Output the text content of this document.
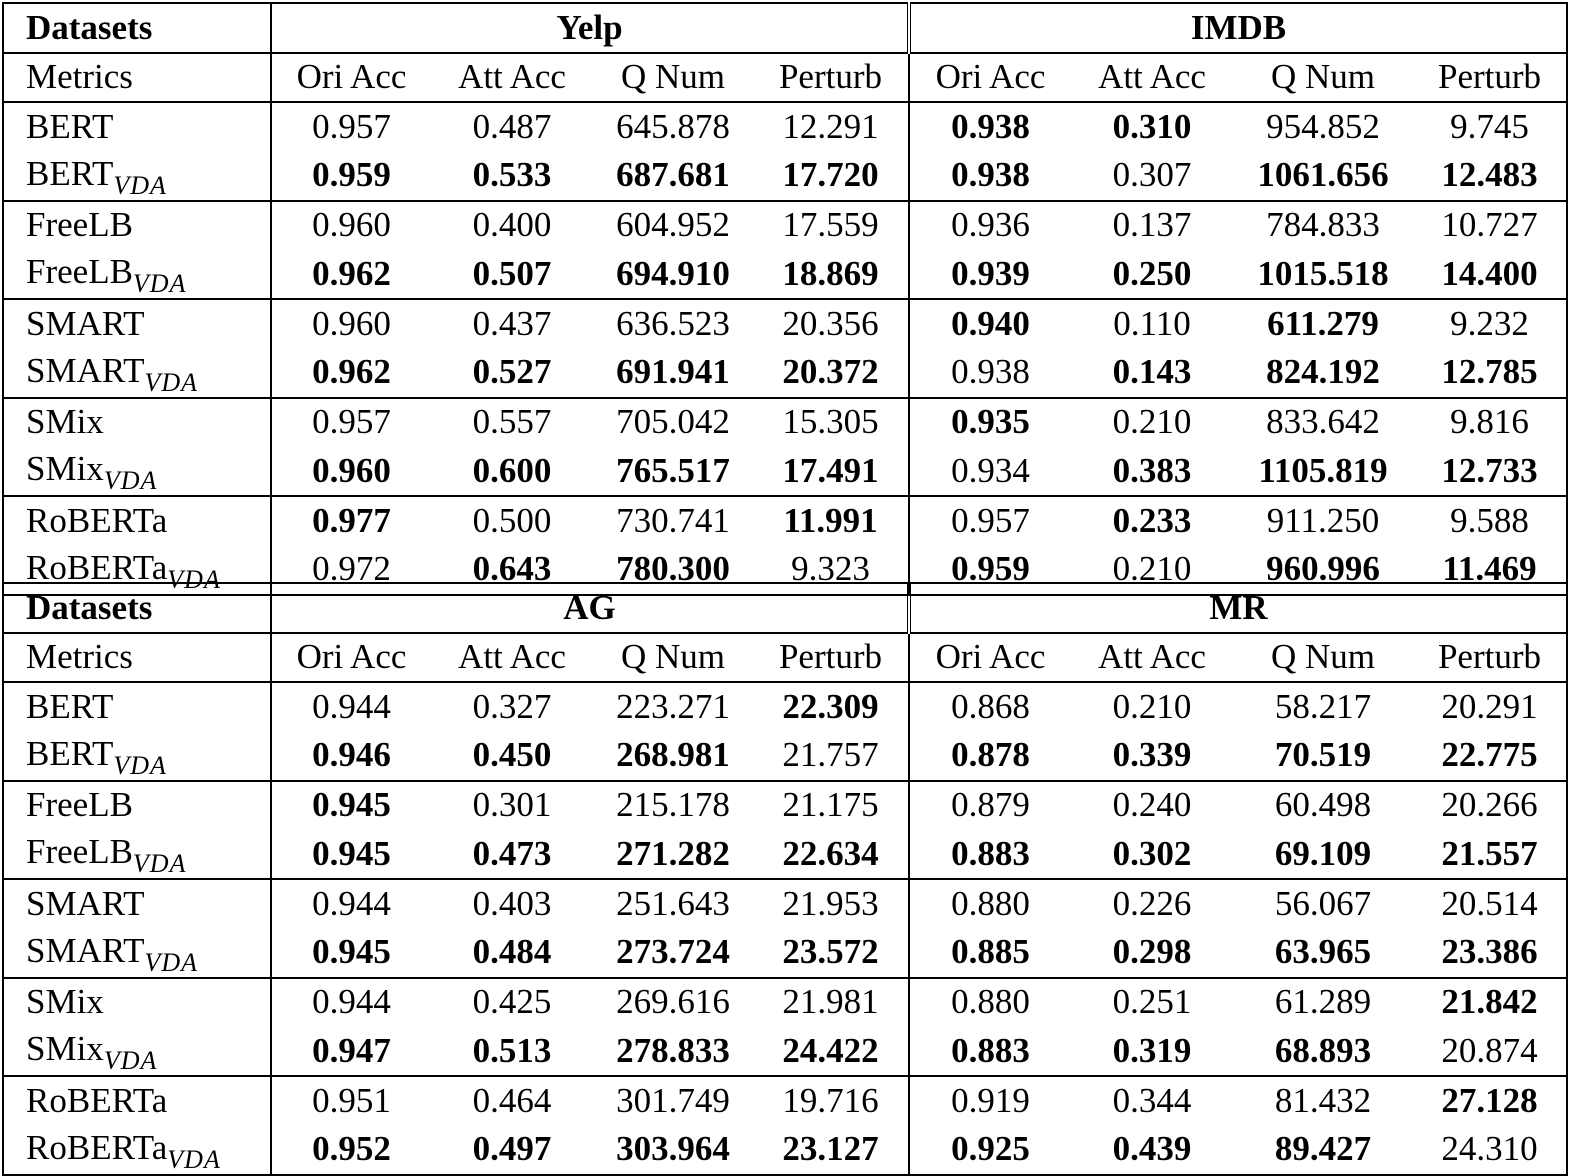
Datasets	Yelp				IMDB			
Metrics	Ori Acc	Att Acc	Q Num	Perturb	Ori Acc	Att Acc	Q Num	Perturb
BERT	0.957	0.487	645.878	12.291	0.938	0.310	954.852	9.745
$BERT_{VDA}$	0.959	0.533	687.681	17.720	0.938	0.307	1061.656	12.483
FreeLB	0.960	0.400	604.952	17.559	0.936	0.137	784.833	10.727
FreeLB$_{VDA}$	0.962	0.507	694.910	18.869	0.939	0.250	1015.518	14.400
SMART	0.960	0.437	636.523	20.356	0.940	0.110	611.279	9.232
$SMART_{VDA}$	0.962	0.527	691.941	20.372	0.938	0.143	824.192	12.785
SMix	0.957	0.557	705.042	15.305	0.935	0.210	833.642	9.816
SMix$_{VDA}$	0.960	0.600	765.517	17.491	0.934	0.383	1105.819	12.733
RoBERTa	0.977	0.500	730.741	11.991	0.957	0.233	911.250	9.588
RoBERTa$_{VDA}$	0.972	0.643	780.300	9.323	0.959	0.210	960.996	11.469
Datasets	AG				MR			
Metrics	Ori Acc	Att Acc	Q Num	Perturb	Ori Acc	Att Acc	Q Num	Perturb
BERT	0.944	0.327	223.271	22.309	0.868	0.210	58.217	20.291
$BERT_{VDA}$	0.946	0.450	268.981	21.757	0.878	0.339	70.519	22.775
FreeLB	0.945	0.301	215.178	21.175	0.879	0.240	60.498	20.266
FreeLB$_{VDA}$	0.945	0.473	271.282	22.634	0.883	0.302	69.109	21.557
SMART	0.944	0.403	251.643	21.953	0.880	0.226	56.067	20.514
$SMART_{VDA}$	0.945	0.484	273.724	23.572	0.885	0.298	63.965	23.386
SMix	0.944	0.425	269.616	21.981	0.880	0.251	61.289	21.842
SMix$_{VDA}$	0.947	0.513	278.833	24.422	0.883	0.319	68.893	20.874
RoBERTa	0.951	0.464	301.749	19.716	0.919	0.344	81.432	27.128
RoBERTa$_{VDA}$	0.952	0.497	303.964	23.127	0.925	0.439	89.427	24.310
